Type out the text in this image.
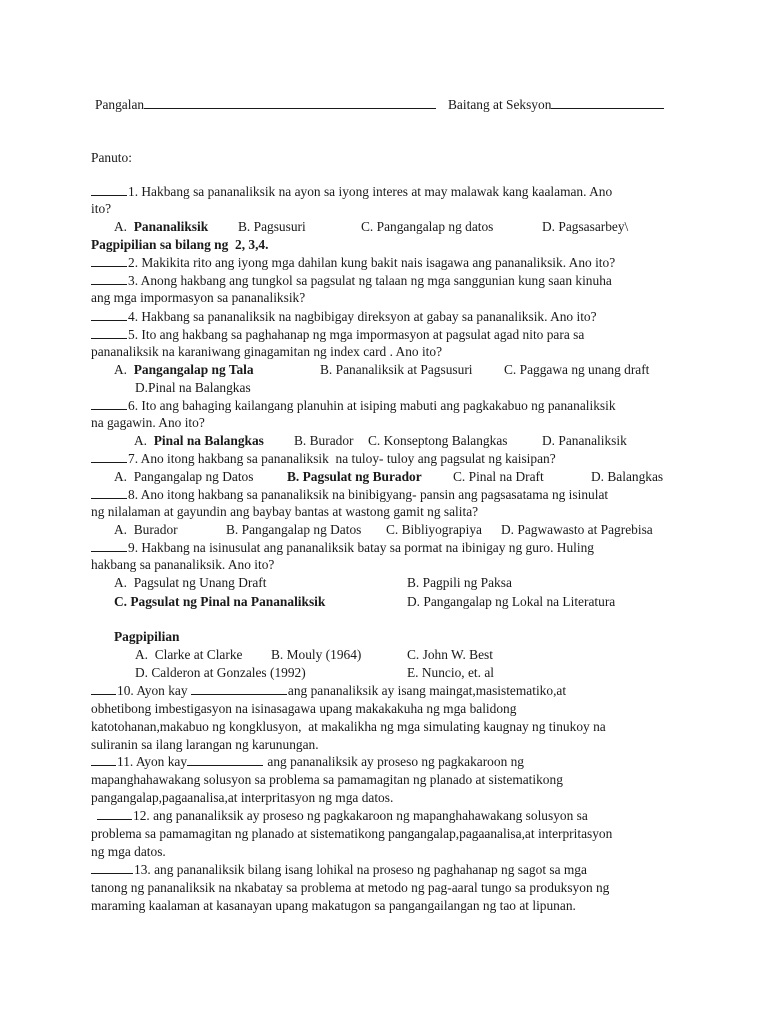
Pangalan	Baitang at Seksyon
Panuto:
1. Hakbang sa pananaliksik na ayon sa iyong interes at may malawak kang kaalaman. Ano
ito?
A. Pananaliksik B. Pagsusuri	C. Pangangalap ng datos	D. Pagsasarbey\
Pagpipilian sa bilang ng  2, 3,4.
2. Makikita rito ang iyong mga dahilan kung bakit nais isagawa ang pananaliksik. Ano ito?
3. Anong hakbang ang tungkol sa pagsulat ng talaan ng mga sanggunian kung saan kinuha
ang mga impormasyon sa pananaliksik?
4. Hakbang sa pananaliksik na nagbibigay direksyon at gabay sa pananaliksik. Ano ito?
5. Ito ang hakbang sa paghahanap ng mga impormasyon at pagsulat agad nito para sa
pananaliksik na karaniwang ginagamitan ng index card . Ano ito?
A. Pangangalap ng Tala	B. Pananaliksik at Pagsusuri C. Paggawa ng unang draft
D.Pinal na Balangkas
6. Ito ang bahaging kailangang planuhin at isiping mabuti ang pagkakabuo ng pananaliksik
na gagawin. Ano ito?
A. Pinal na Balangkas B. Burador C. Konseptong Balangkas	D. Pananaliksik
7. Ano itong hakbang sa pananaliksik  na tuloy- tuloy ang pagsulat ng kaisipan?
A.  Pangangalap ng Datos	B. Pagsulat ng Burador C. Pinal na Draft	D. Balangkas
8. Ano itong hakbang sa pananaliksik na binibigyang- pansin ang pagsasatama ng isinulat
ng nilalaman at gayundin ang baybay bantas at wastong gamit ng salita?
A.  Burador	B. Pangangalap ng Datos C. Bibliyograpiya D. Pagwawasto at Pagrebisa
9. Hakbang na isinusulat ang pananaliksik batay sa pormat na ibinigay ng guro. Huling
hakbang sa pananaliksik. Ano ito?
A.  Pagsulat ng Unang Draft	B. Pagpili ng Paksa
C. Pagsulat ng Pinal na Pananaliksik	D. Pangangalap ng Lokal na Literatura
Pagpipilian
A.  Clarke at Clarke B. Mouly (1964)	C. John W. Best
D. Calderon at Gonzales (1992)	E. Nuncio, et. al
10. Ayon kay	ang pananaliksik ay isang maingat,masistematiko,at
obhetibong imbestigasyon na isinasagawa upang makakakuha ng mga balidong
katotohanan,makabuo ng kongklusyon,  at makalikha ng mga simulating kaugnay ng tinukoy na
suliranin sa ilang larangan ng karunungan.
11. Ayon kay	ang pananaliksik ay proseso ng pagkakaroon ng
mapanghahawakang solusyon sa problema sa pamamagitan ng planado at sistematikong
pangangalap,pagaanalisa,at interpritasyon ng mga datos.
12. ang pananaliksik ay proseso ng pagkakaroon ng mapanghahawakang solusyon sa
problema sa pamamagitan ng planado at sistematikong pangangalap,pagaanalisa,at interpritasyon
ng mga datos.
13. ang pananaliksik bilang isang lohikal na proseso ng paghahanap ng sagot sa mga
tanong ng pananaliksik na nkabatay sa problema at metodo ng pag-aaral tungo sa produksyon ng
maraming kaalaman at kasanayan upang makatugon sa pangangailangan ng tao at lipunan.
